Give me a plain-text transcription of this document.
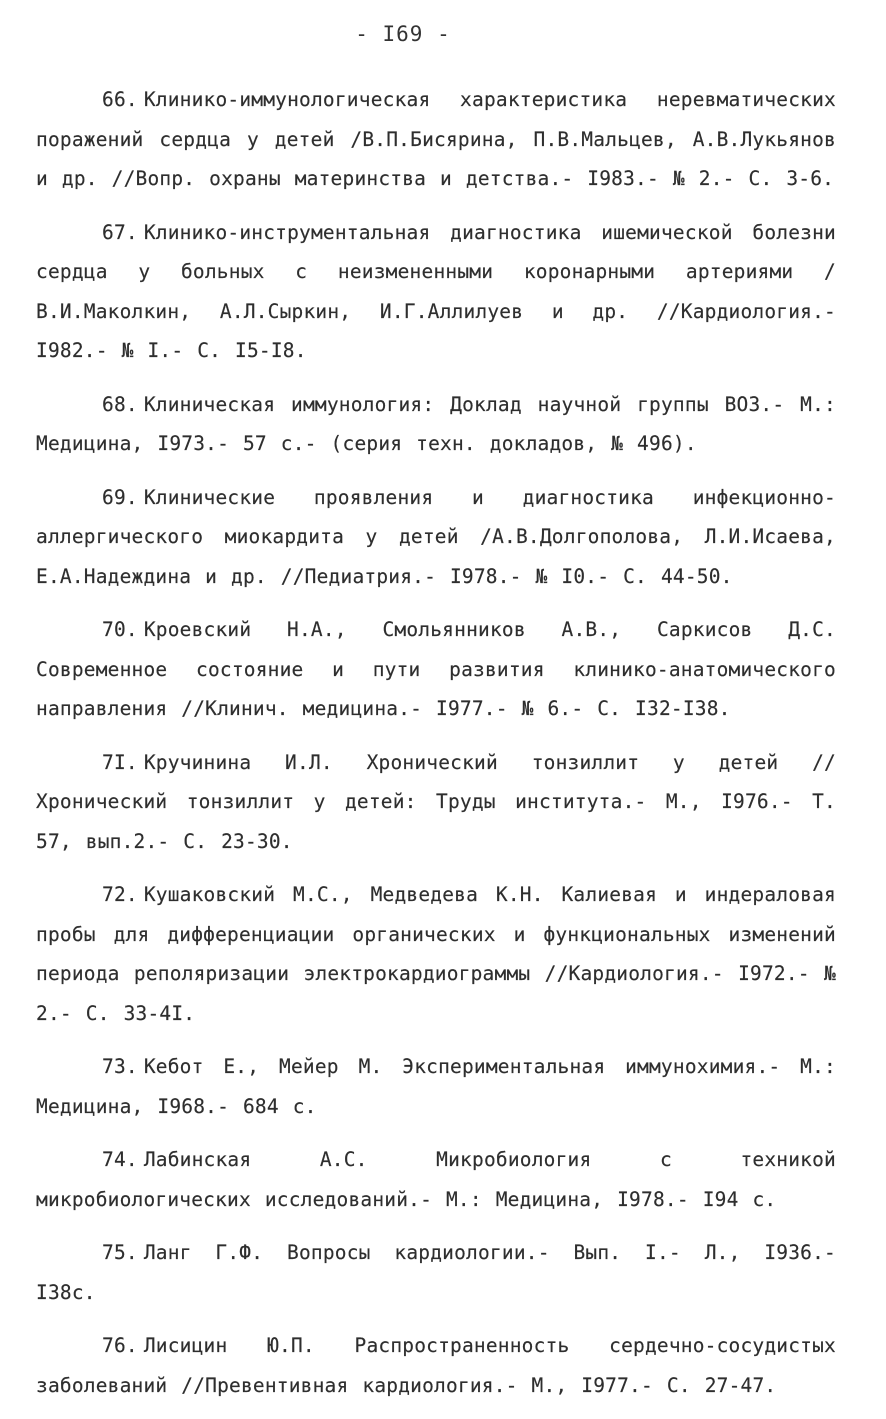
- I69 -
66. Клинико-иммунологическая характеристика неревматических поражений сердца у детей /В.П.Бисярина, П.В.Мальцев, А.В.Лукьянов и др. //Вопр. охраны материнства и детства.- I983.- № 2.- С. 3-6.
67. Клинико-инструментальная диагностика ишемической болезни сердца у больных с неизмененными коронарными артериями /В.И.Маколкин, А.Л.Сыркин, И.Г.Аллилуев и др. //Кардиология.- I982.- № I.- С. I5-I8.
68. Клиническая иммунология: Доклад научной группы ВОЗ.- М.: Медицина, I973.- 57 с.- (серия техн. докладов, № 496).
69. Клинические проявления и диагностика инфекционно-аллергического миокардита у детей /А.В.Долгополова, Л.И.Исаева, Е.А.Надеждина и др. //Педиатрия.- I978.- № I0.- С. 44-50.
70. Кроевский Н.А., Смольянников А.В., Саркисов Д.С. Современное состояние и пути развития клинико-анатомического направления //Клинич. медицина.- I977.- № 6.- С. I32-I38.
7I. Кручинина И.Л. Хронический тонзиллит у детей //Хронический тонзиллит у детей: Труды института.- М., I976.- Т. 57, вып.2.- С. 23-30.
72. Кушаковский М.С., Медведева К.Н. Калиевая и индераловая пробы для дифференциации органических и функциональных изменений периода реполяризации электрокардиограммы //Кардиология.- I972.- № 2.- С. 33-4I.
73. Кебот Е., Мейер М. Экспериментальная иммунохимия.- М.: Медицина, I968.- 684 с.
74. Лабинская А.С. Микробиология с техникой микробиологических исследований.- М.: Медицина, I978.- I94 с.
75. Ланг Г.Ф. Вопросы кардиологии.- Вып. I.- Л., I936.- I38с.
76. Лисицин Ю.П. Распространенность сердечно-сосудистых заболеваний //Превентивная кардиология.- М., I977.- С. 27-47.
